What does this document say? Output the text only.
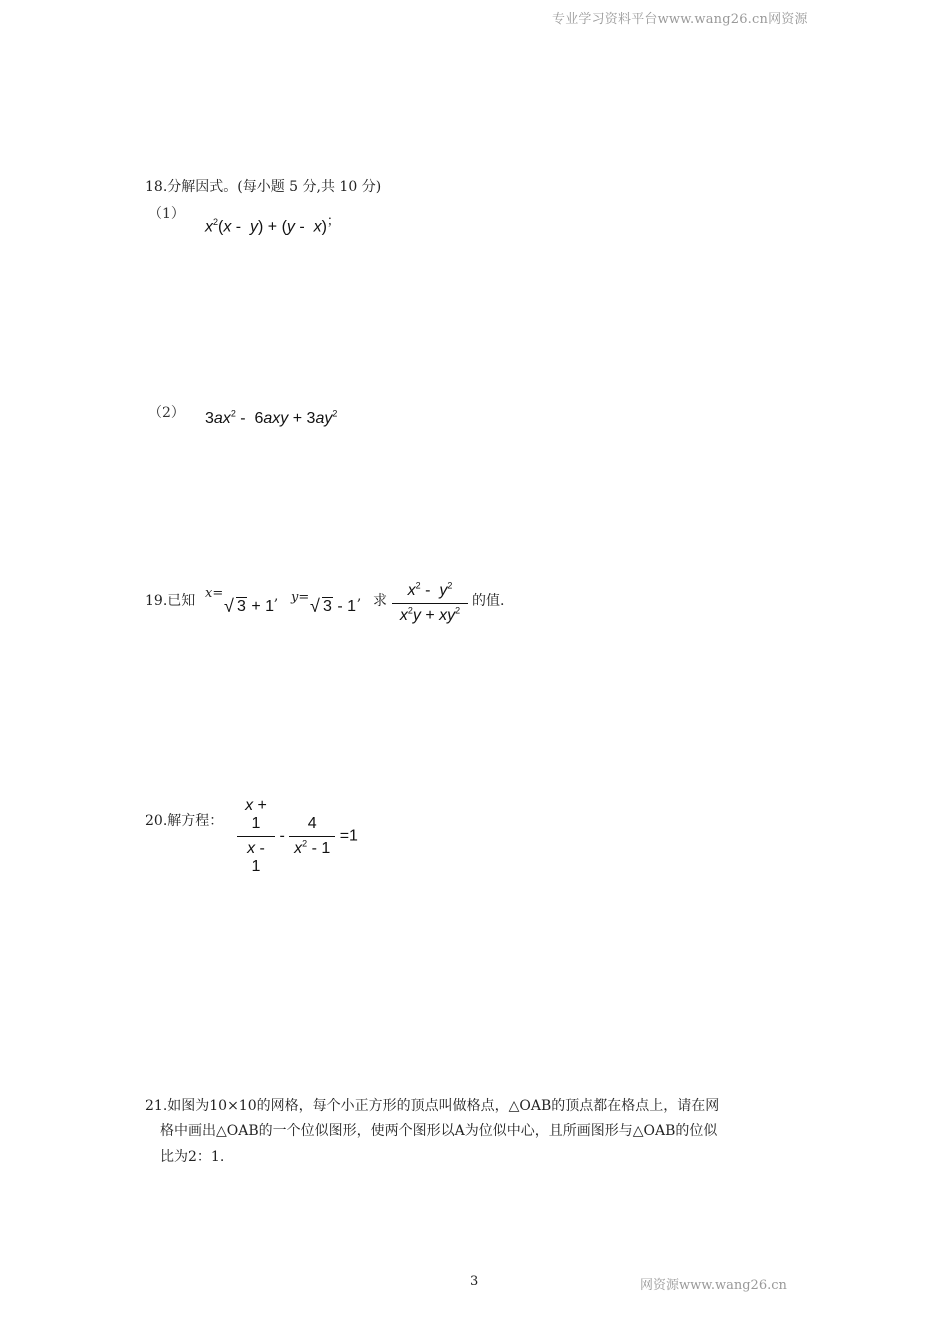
专业学习资料平台www.wang26.cn网资源
18.分解因式。(每小题 5 分,共 10 分)
（1）
$x^2(x - y) + (y - x)^;$
（2） $3ax^2 - 6axy + 3ay^2$
19.已知 x=
√ 3 + 1
, y= √ 3 - 1
, 求 $\frac{x^2 - y^2}{x^2y + xy^2}$ 的值.
20.解方程： $\frac{x + 1}{x - 1} - \frac{4}{x^2 - 1} =1$
21.如图为10×10的网格，每个小正方形的顶点叫做格点，△OAB的顶点都在格点上，请在网
格中画出△OAB的一个位似图形，使两个图形以A为位似中心，且所画图形与△OAB的位似
比为2：1.
3	网资源www.wang26.cn
